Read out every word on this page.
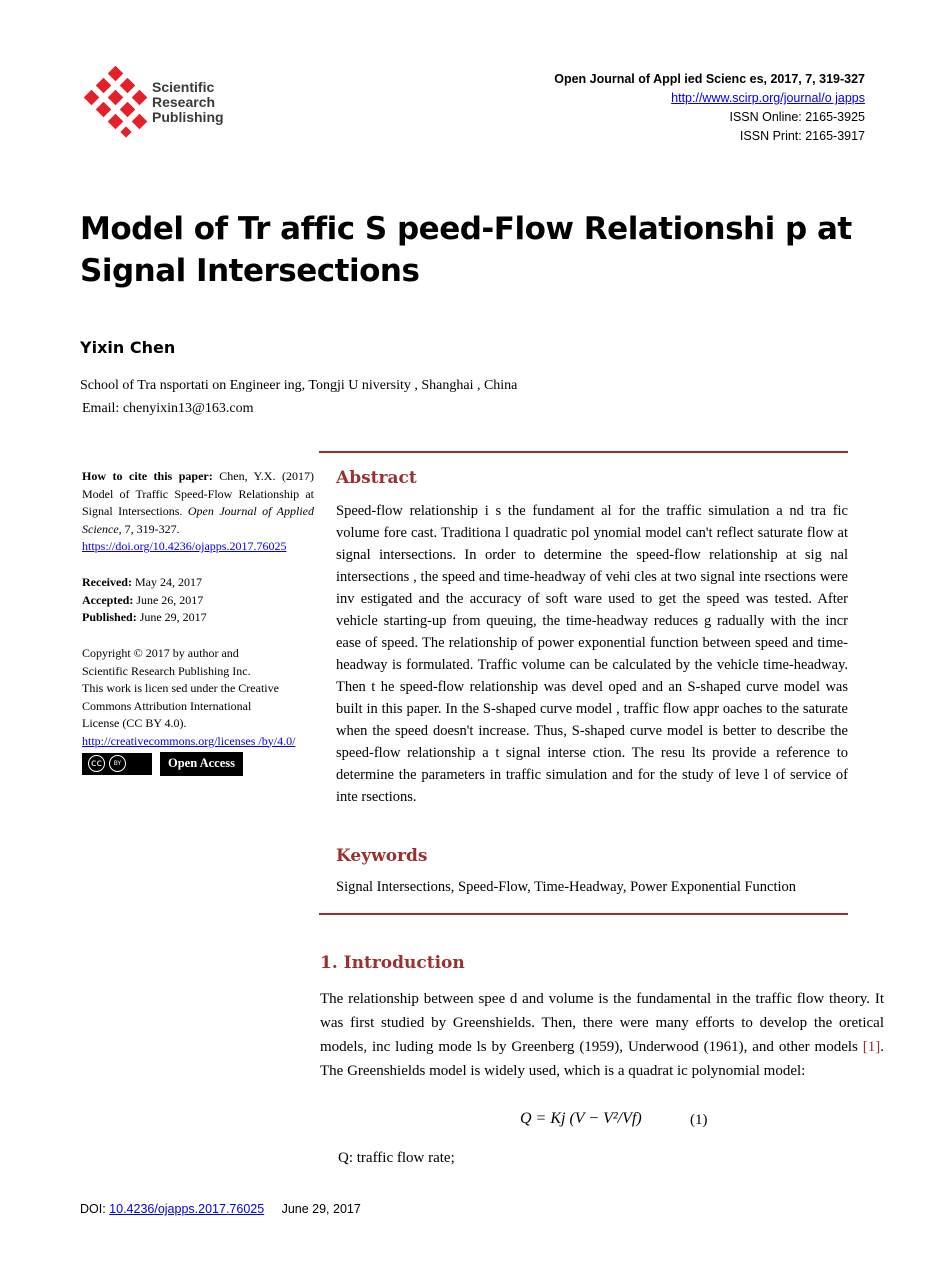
Scientific
Research
Publishing
Open Journal of Appl ied Scienc es, 2017, 7, 319-327
http://www.scirp.org/journal/o japps
ISSN Online: 2165-3925
ISSN Print: 2165-3917
Model of Tr affic S peed-Flow Relationshi p at
Signal Intersections
Yixin Chen
School of Tra nsportati on Engineer ing, Tongji U niversity , Shanghai , China
Email: chenyixin13@163.com
How to cite this paper: Chen, Y.X. (2017) Model of Traffic Speed-Flow Relationship at Signal Intersections. Open Journal of Applied Science, 7, 319-327.
https://doi.org/10.4236/ojapps.2017.76025
Received: May 24, 2017
Accepted: June 26, 2017
Published: June 29, 2017
Copyright © 2017 by author and
Scientific Research Publishing Inc.
This work is licen sed under the Creative
Commons Attribution International
License (CC BY 4.0).
http://creativecommons.org/licenses /by/4.0/
cc	BY	Open Access
Abstract
Speed-flow relationship i s the fundament al for the traffic simulation a nd tra fic volume fore cast. Traditiona l quadratic pol ynomial model can't reflect saturate flow at signal intersections. In order to determine the speed-flow relationship at sig nal intersections , the speed and time-headway of vehi cles at two signal inte rsections were inv estigated and the accuracy of soft ware used to get the speed was tested. After vehicle starting-up from queuing, the time-headway reduces g radually with the incr ease of speed. The relationship of power exponential function between speed and time-headway is formulated. Traffic volume can be calculated by the vehicle time-headway. Then t he speed-flow relationship was devel oped and an S-shaped curve model was built in this paper. In the S-shaped curve model , traffic flow appr oaches to the saturate when the speed doesn't increase. Thus, S-shaped curve model is better to describe the speed-flow relationship a t signal interse ction. The resu lts provide a reference to determine the parameters in traffic simulation and for the study of leve l of service of inte rsections.
Keywords
Signal Intersections, Speed-Flow, Time-Headway, Power Exponential Function
1. Introduction
The relationship between spee d and volume is the fundamental in the traffic flow theory. It was first studied by Greenshields. Then, there were many efforts to develop the oretical models, inc luding mode ls by Greenberg (1959), Underwood (1961), and other models [1]. The Greenshields model is widely used, which is a quadrat ic polynomial model:
Q = Kj (V − V²/Vf)	(1)
Q: traffic flow rate;
DOI: 10.4236/ojapps.2017.76025 June 29, 2017
